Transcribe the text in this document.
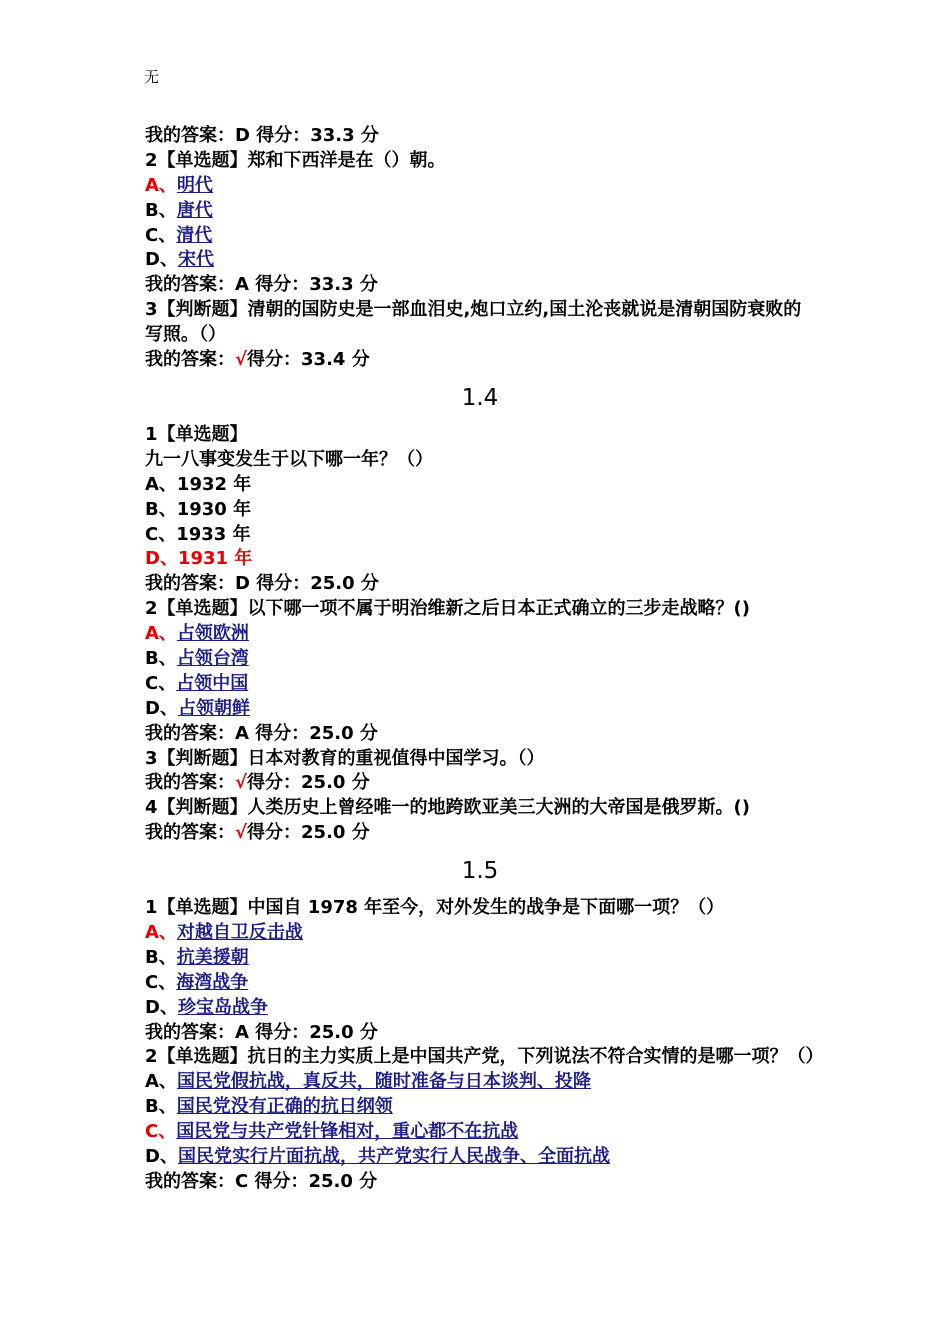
无
我的答案：D 得分：33.3 分
2【单选题】郑和下西洋是在（）朝。
A、明代
B、唐代
C、清代
D、宋代
我的答案：A 得分：33.3 分
3【判断题】清朝的国防史是一部血泪史,炮口立约,国土沦丧就说是清朝国防衰败的写照。（）
我的答案：√得分：33.4 分
1.4
1【单选题】
九一八事变发生于以下哪一年？（）
A、1932 年
B、1930 年
C、1933 年
D、1931 年
我的答案：D 得分：25.0 分
2【单选题】以下哪一项不属于明治维新之后日本正式确立的三步走战略？()
A、占领欧洲
B、占领台湾
C、占领中国
D、占领朝鲜
我的答案：A 得分：25.0 分
3【判断题】日本对教育的重视值得中国学习。（）
我的答案：√得分：25.0 分
4【判断题】人类历史上曾经唯一的地跨欧亚美三大洲的大帝国是俄罗斯。()
我的答案：√得分：25.0 分
1.5
1【单选题】中国自 1978 年至今，对外发生的战争是下面哪一项？（）
A、对越自卫反击战
B、抗美援朝
C、海湾战争
D、珍宝岛战争
我的答案：A 得分：25.0 分
2【单选题】抗日的主力实质上是中国共产党，下列说法不符合实情的是哪一项？（）
A、国民党假抗战，真反共，随时准备与日本谈判、投降
B、国民党没有正确的抗日纲领
C、国民党与共产党针锋相对，重心都不在抗战
D、国民党实行片面抗战，共产党实行人民战争、全面抗战
我的答案：C 得分：25.0 分
